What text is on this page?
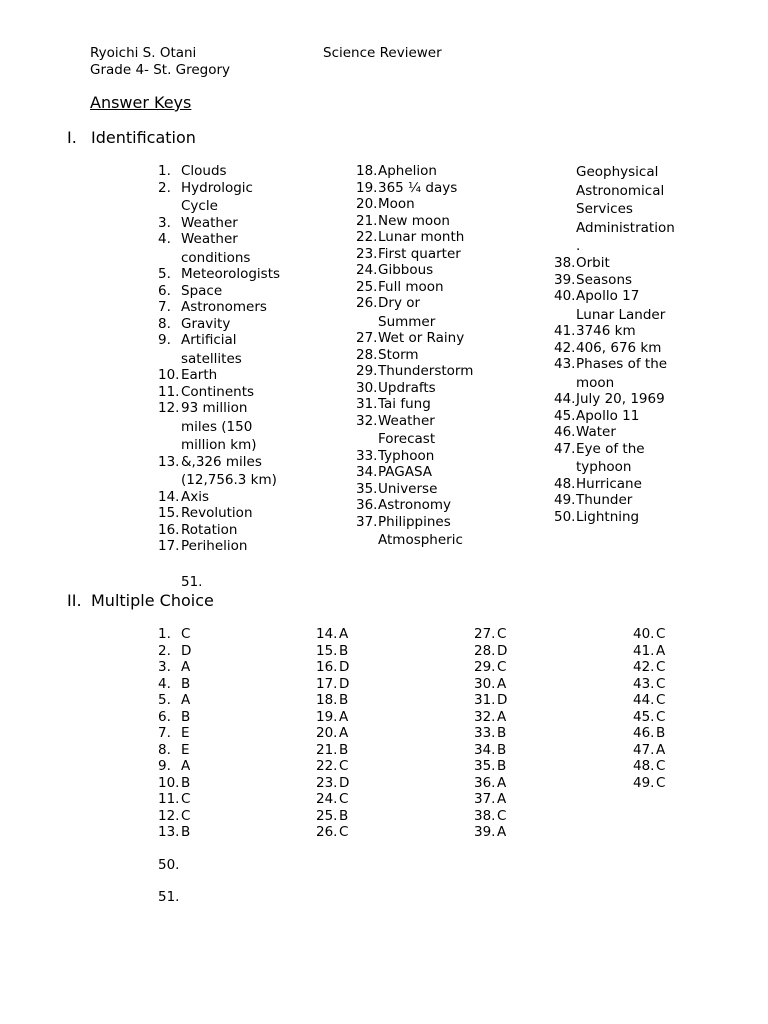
Ryoichi S. Otani
Grade 4- St. Gregory
Science Reviewer
Answer Keys
I. Identification
1. Clouds
2. Hydrologic
Cycle
3. Weather
4. Weather
conditions
5. Meteorologists
6. Space
7. Astronomers
8. Gravity
9. Artificial
satellites
10. Earth
11. Continents
12. 93 million
miles (150
million km)
13. &,326 miles
(12,756.3 km)
14. Axis
15. Revolution
16. Rotation
17. Perihelion
18. Aphelion
19. 365 ¼ days
20. Moon
21. New moon
22. Lunar month
23. First quarter
24. Gibbous
25. Full moon
26. Dry or
Summer
27. Wet or Rainy
28. Storm
29. Thunderstorm
30. Updrafts
31. Tai fung
32. Weather
Forecast
33. Typhoon
34. PAGASA
35. Universe
36. Astronomy
37. Philippines
Atmospheric
Geophysical
Astronomical
Services
Administration
.
38. Orbit
39. Seasons
40. Apollo 17
Lunar Lander
41. 3746 km
42. 406, 676 km
43. Phases of the
moon
44. July 20, 1969
45. Apollo 11
46. Water
47. Eye of the
typhoon
48. Hurricane
49. Thunder
50. Lightning
51.
II. Multiple Choice
1. C
2. D
3. A
4. B
5. A
6. B
7. E
8. E
9. A
10. B
11. C
12. C
13. B
14. A
15. B
16. D
17. D
18. B
19. A
20. A
21. B
22. C
23. D
24. C
25. B
26. C
27. C
28. D
29. C
30. A
31. D
32. A
33. B
34. B
35. B
36. A
37. A
38. C
39. A
40. C
41. A
42. C
43. C
44. C
45. C
46. B
47. A
48. C
49. C
50.
51.
